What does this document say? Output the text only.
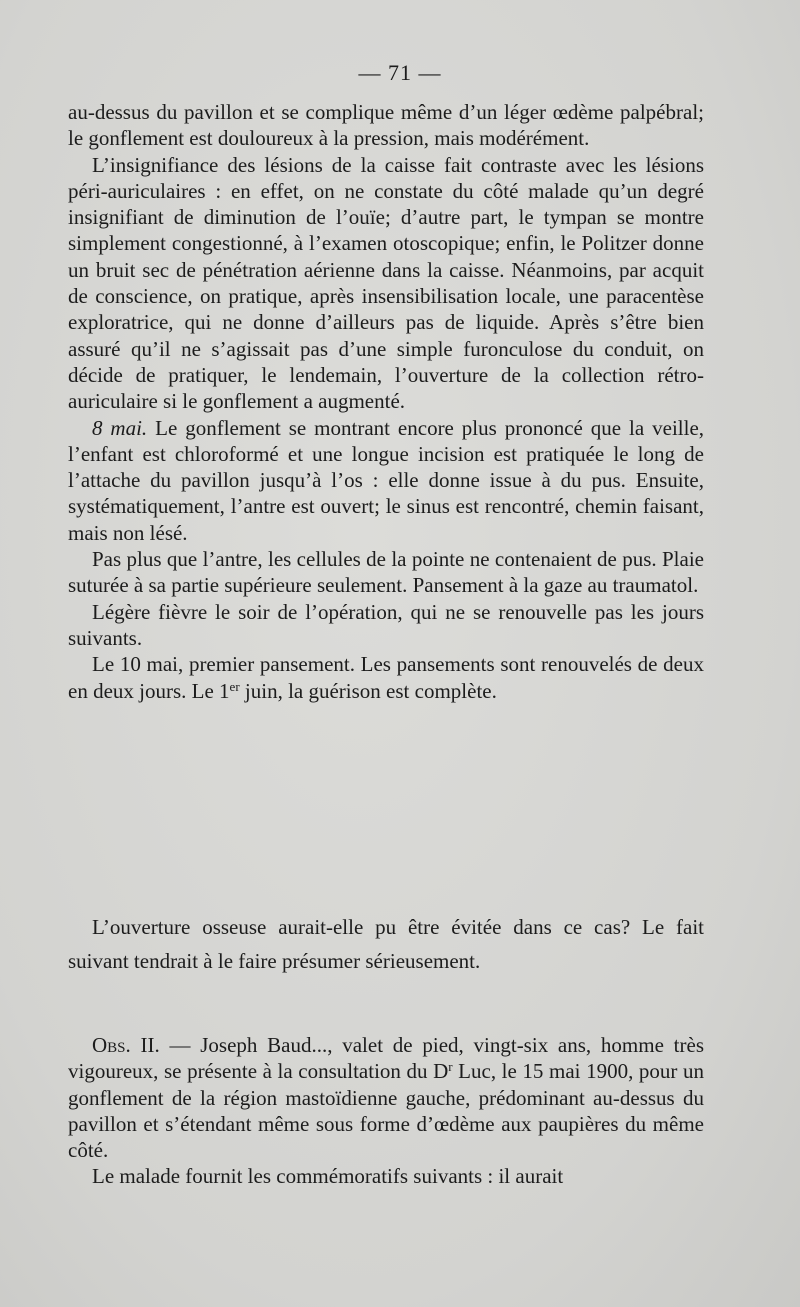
— 71 —

au-dessus du pavillon et se complique même d’un léger œdème palpébral; le gonflement est douloureux à la pression, mais modérément.

L’insignifiance des lésions de la caisse fait contraste avec les lésions péri-auriculaires : en effet, on ne constate du côté malade qu’un degré insignifiant de diminution de l’ouïe; d’autre part, le tympan se montre simplement congestionné, à l’examen otoscopique; enfin, le Politzer donne un bruit sec de pénétration aérienne dans la caisse. Néanmoins, par acquit de conscience, on pratique, après insensibilisation locale, une paracentèse exploratrice, qui ne donne d’ailleurs pas de liquide. Après s’être bien assuré qu’il ne s’agissait pas d’une simple furonculose du conduit, on décide de pratiquer, le lendemain, l’ouverture de la collection rétro-auriculaire si le gonflement a augmenté.

8 mai. Le gonflement se montrant encore plus prononcé que la veille, l’enfant est chloroformé et une longue incision est pratiquée le long de l’attache du pavillon jusqu’à l’os : elle donne issue à du pus. Ensuite, systématiquement, l’antre est ouvert; le sinus est rencontré, chemin faisant, mais non lésé.

Pas plus que l’antre, les cellules de la pointe ne contenaient de pus. Plaie suturée à sa partie supérieure seulement. Pansement à la gaze au traumatol.

Légère fièvre le soir de l’opération, qui ne se renouvelle pas les jours suivants.

Le 10 mai, premier pansement. Les pansements sont renouvelés de deux en deux jours. Le 1er juin, la guérison est complète.

L’ouverture osseuse aurait-elle pu être évitée dans ce cas? Le fait suivant tendrait à le faire présumer sérieusement.

Obs. II. — Joseph Baud..., valet de pied, vingt-six ans, homme très vigoureux, se présente à la consultation du $D^r$ Luc, le 15 mai 1900, pour un gonflement de la région mastoïdienne gauche, prédominant au-dessus du pavillon et s’étendant même sous forme d’œdème aux paupières du même côté.

Le malade fournit les commémoratifs suivants : il aurait
